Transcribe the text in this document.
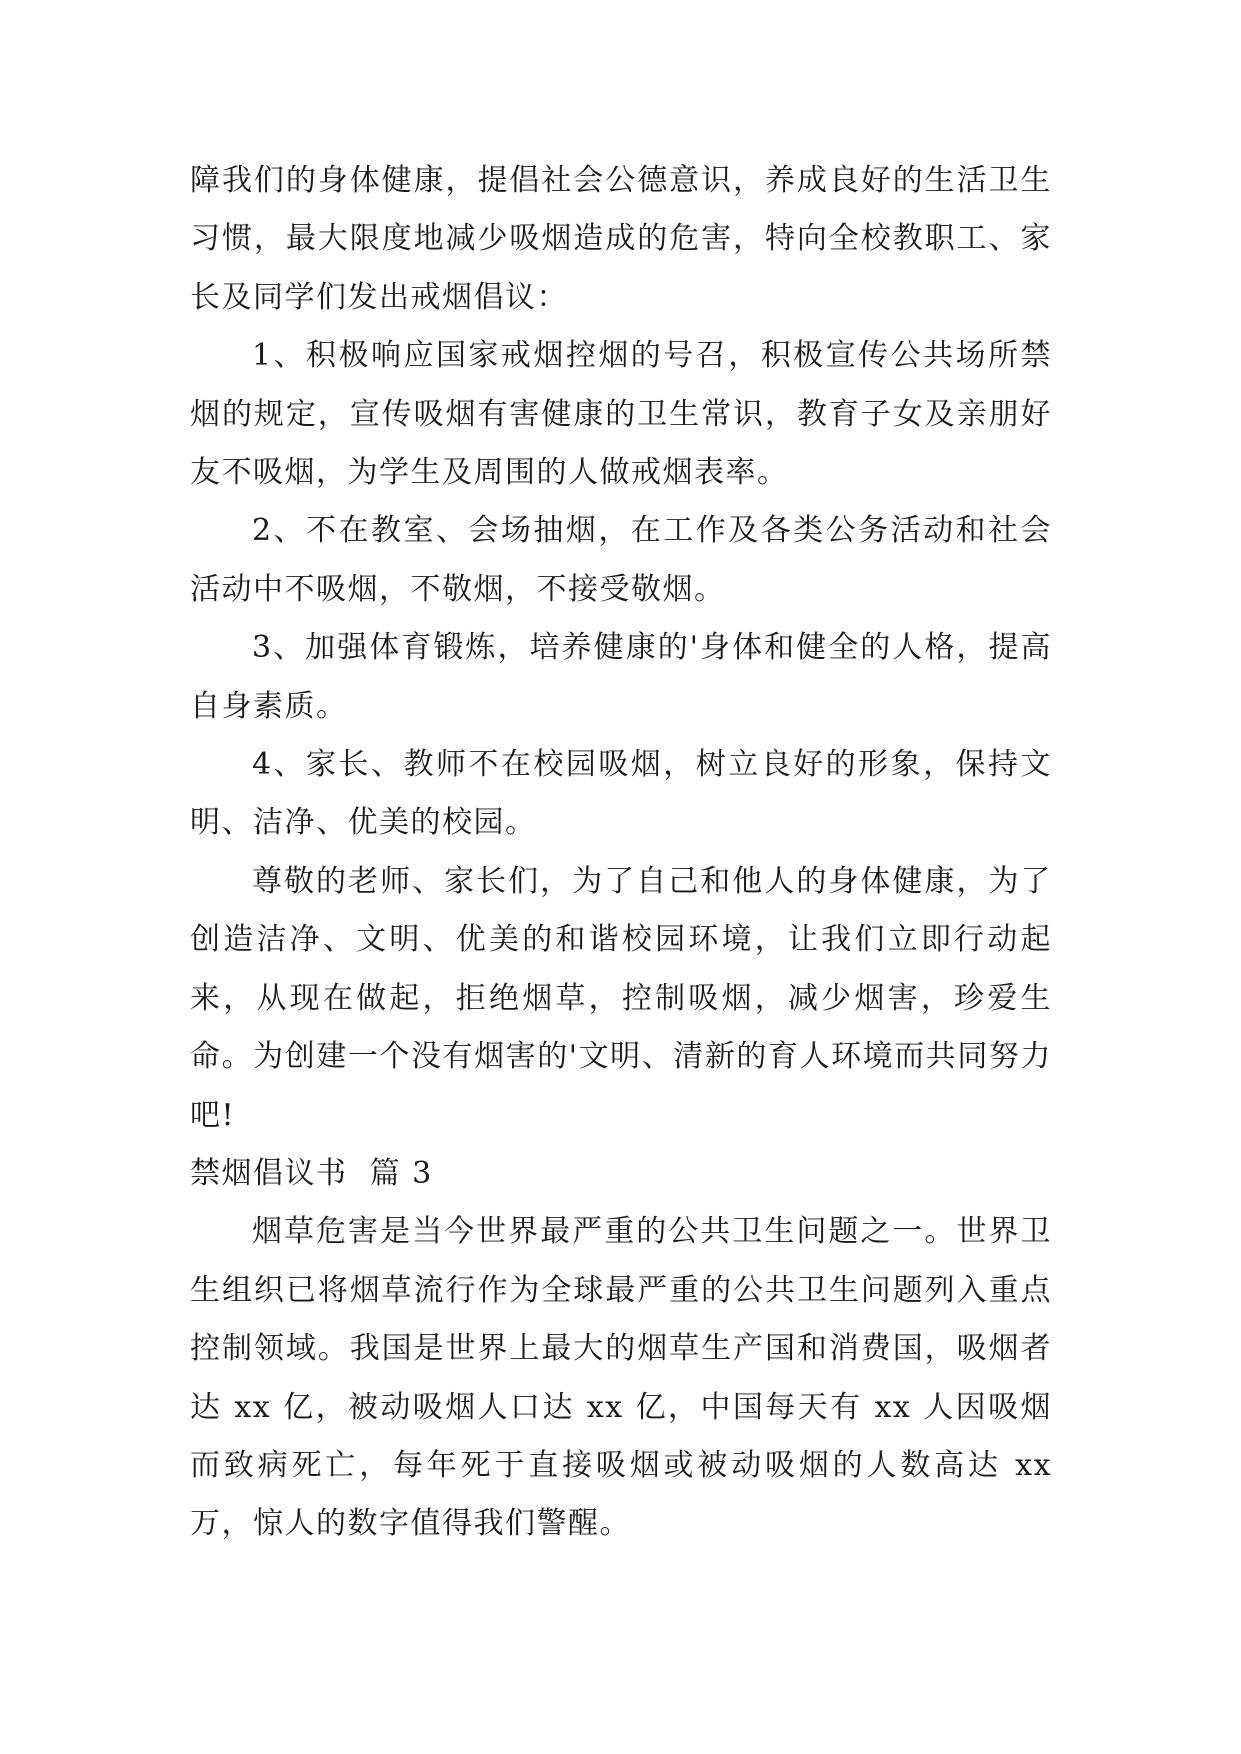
障我们的身体健康，提倡社会公德意识，养成良好的生活卫生习惯，最大限度地减少吸烟造成的危害，特向全校教职工、家长及同学们发出戒烟倡议：

1、积极响应国家戒烟控烟的号召，积极宣传公共场所禁烟的规定，宣传吸烟有害健康的卫生常识，教育子女及亲朋好友不吸烟，为学生及周围的人做戒烟表率。

2、不在教室、会场抽烟，在工作及各类公务活动和社会活动中不吸烟，不敬烟，不接受敬烟。

3、加强体育锻炼，培养健康的'身体和健全的人格，提高自身素质。

4、家长、教师不在校园吸烟，树立良好的形象，保持文明、洁净、优美的校园。

尊敬的老师、家长们，为了自己和他人的身体健康，为了创造洁净、文明、优美的和谐校园环境，让我们立即行动起来，从现在做起，拒绝烟草，控制吸烟，减少烟害，珍爱生命。为创建一个没有烟害的'文明、清新的育人环境而共同努力吧!

禁烟倡议书  篇 3

烟草危害是当今世界最严重的公共卫生问题之一。世界卫生组织已将烟草流行作为全球最严重的公共卫生问题列入重点控制领域。我国是世界上最大的烟草生产国和消费国，吸烟者达 xx 亿，被动吸烟人口达 xx 亿，中国每天有 xx 人因吸烟而致病死亡，每年死于直接吸烟或被动吸烟的人数高达 xx 万，惊人的数字值得我们警醒。
